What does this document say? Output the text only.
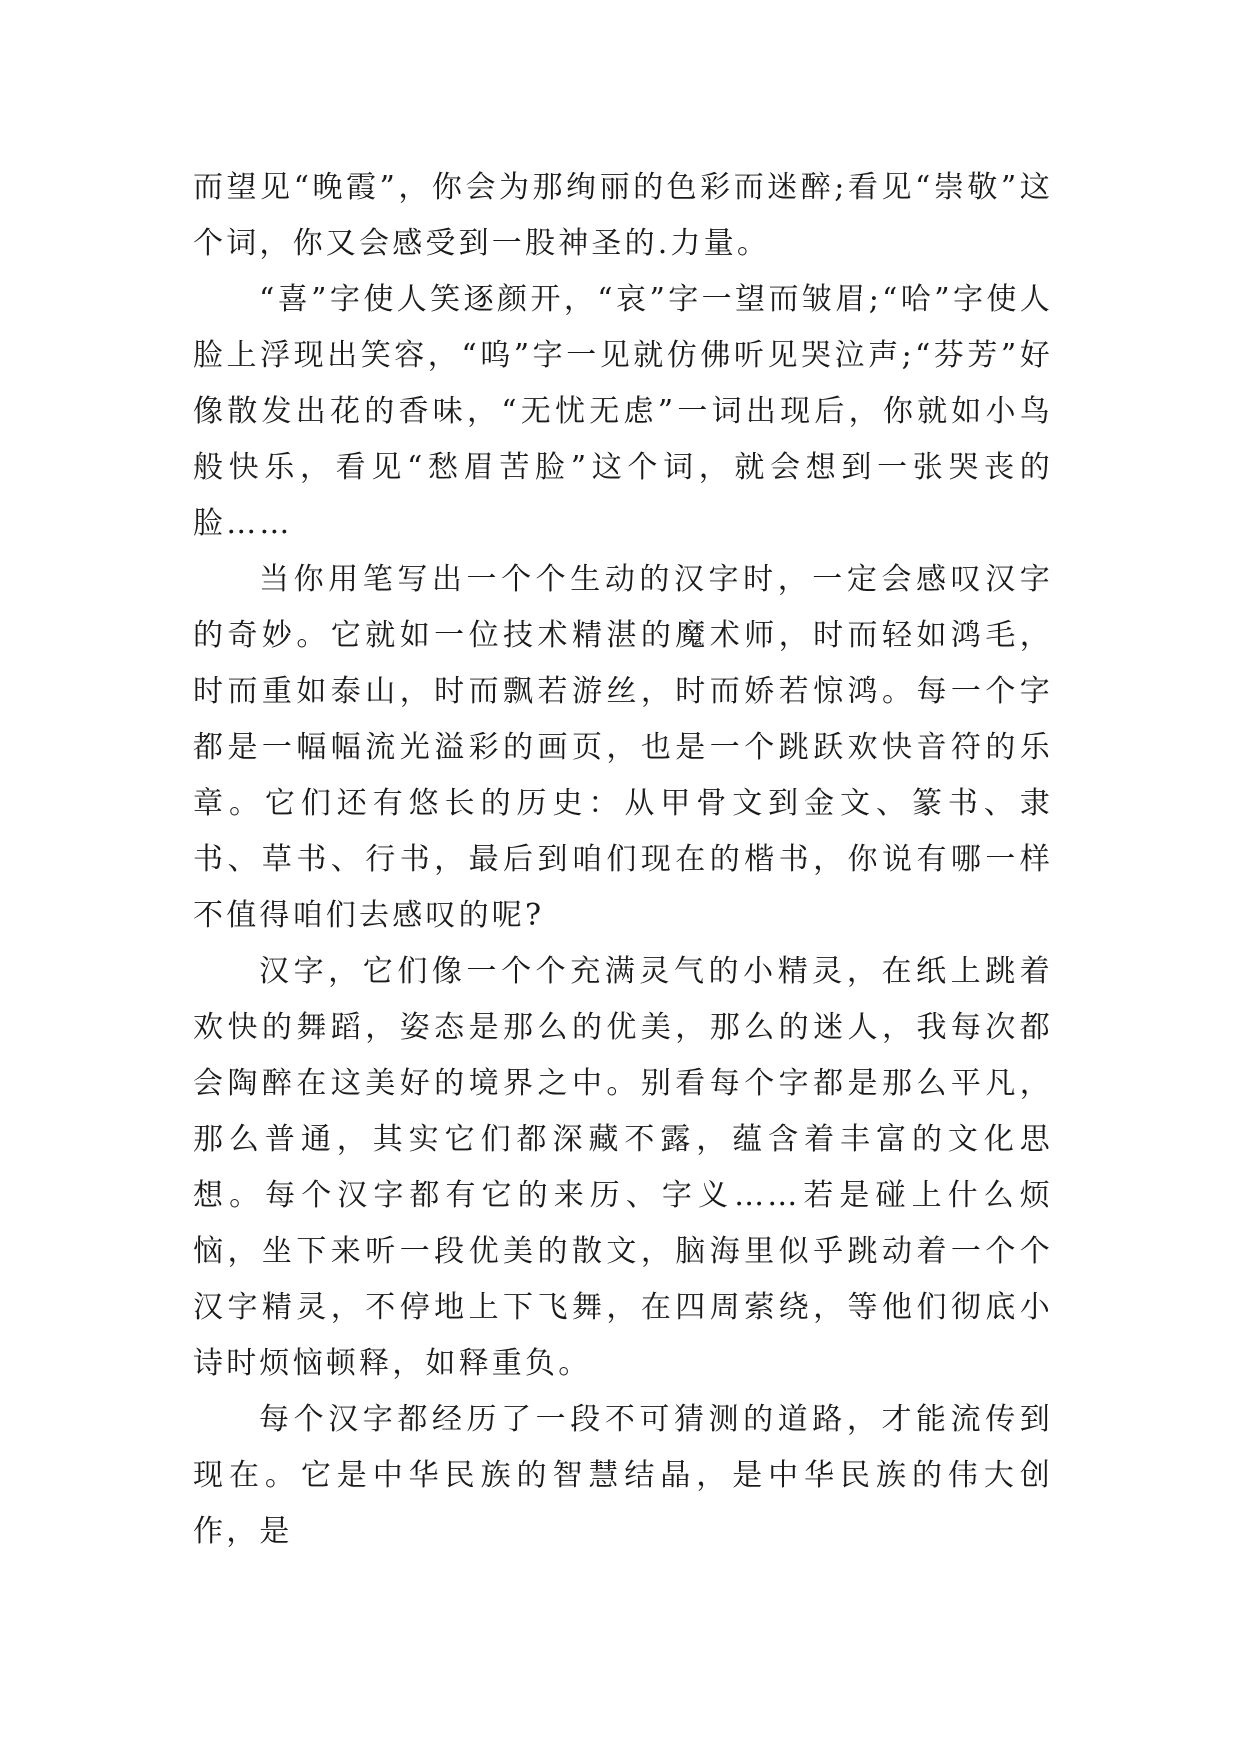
而望见“晚霞”，你会为那绚丽的色彩而迷醉;看见“崇敬”这个词，你又会感受到一股神圣的.力量。

“喜”字使人笑逐颜开，“哀”字一望而皱眉;“哈”字使人脸上浮现出笑容，“呜”字一见就仿佛听见哭泣声;“芬芳”好像散发出花的香味，“无忧无虑”一词出现后，你就如小鸟般快乐，看见“愁眉苦脸”这个词，就会想到一张哭丧的脸……

当你用笔写出一个个生动的汉字时，一定会感叹汉字的奇妙。它就如一位技术精湛的魔术师，时而轻如鸿毛，时而重如泰山，时而飘若游丝，时而娇若惊鸿。每一个字都是一幅幅流光溢彩的画页，也是一个跳跃欢快音符的乐章。它们还有悠长的历史：从甲骨文到金文、篆书、隶书、草书、行书，最后到咱们现在的楷书，你说有哪一样不值得咱们去感叹的呢?

汉字，它们像一个个充满灵气的小精灵，在纸上跳着欢快的舞蹈，姿态是那么的优美，那么的迷人，我每次都会陶醉在这美好的境界之中。别看每个字都是那么平凡，那么普通，其实它们都深藏不露，蕴含着丰富的文化思想。每个汉字都有它的来历、字义……若是碰上什么烦恼，坐下来听一段优美的散文，脑海里似乎跳动着一个个汉字精灵，不停地上下飞舞，在四周萦绕，等他们彻底小诗时烦恼顿释，如释重负。

每个汉字都经历了一段不可猜测的道路，才能流传到现在。它是中华民族的智慧结晶，是中华民族的伟大创作，是
